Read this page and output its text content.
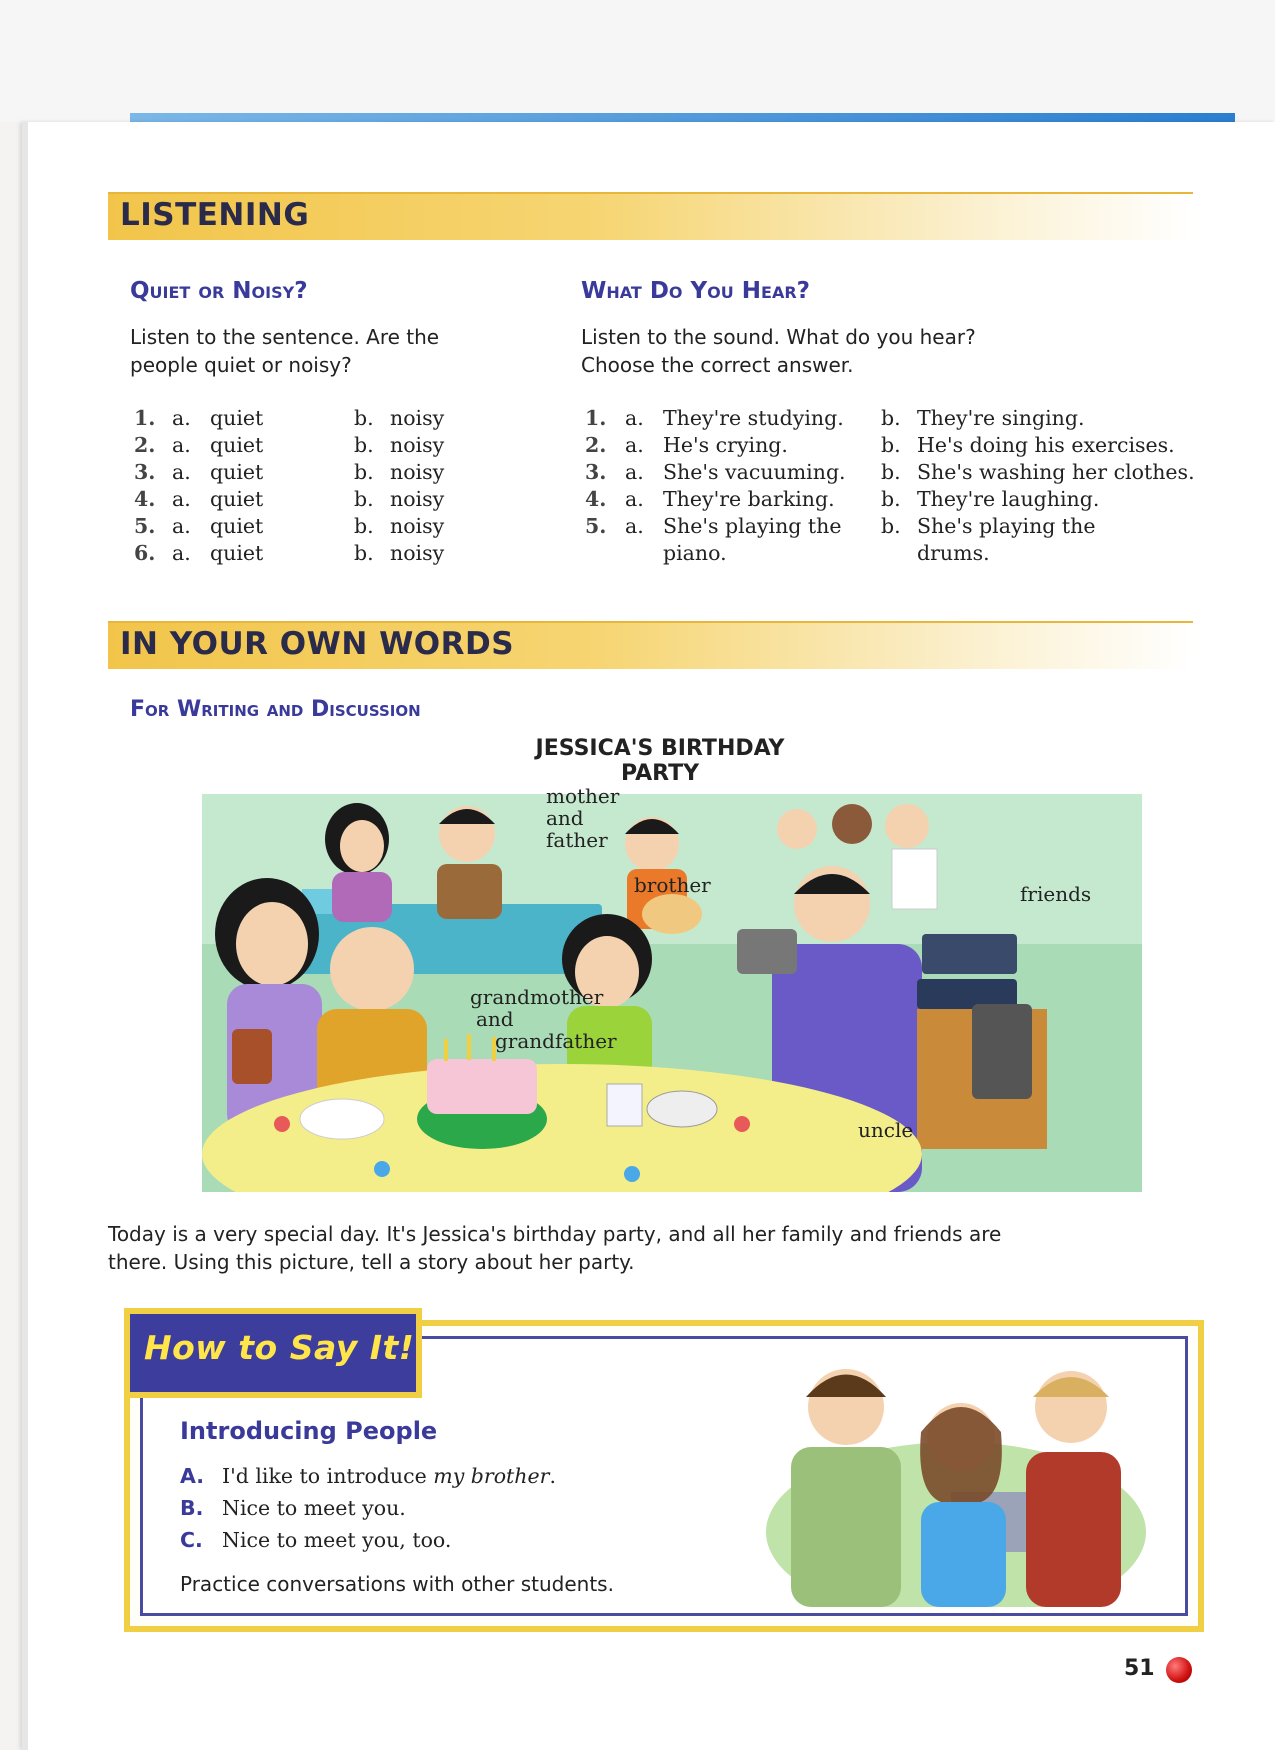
LISTENING
Quiet or Noisy?
Listen to the sentence. Are the
people quiet or noisy?
1. a. quiet	b. noisy
2. a. quiet	b. noisy
3. a. quiet	b. noisy
4. a. quiet	b. noisy
5. a. quiet	b. noisy
6. a. quiet	b. noisy
What Do You Hear?
Listen to the sound. What do you hear?
Choose the correct answer.
1. a. They're studying. b. They're singing.
2. a. He's crying.	b. He's doing his exercises.
3. a. She's vacuuming. b. She's washing her clothes.
4. a. They're barking. b. They're laughing.
5. a. She's playing the b. She's playing the
piano.	drums.
IN YOUR OWN WORDS
For Writing and Discussion
JESSICA'S BIRTHDAY PARTY
mother
and
father
brother	friends
grandmother
and
grandfather
uncle
Today is a very special day. It's Jessica's birthday party, and all her family and friends are
there. Using this picture, tell a story about her party.
How to Say It!
Introducing People
A. I'd like to introduce my brother.
B. Nice to meet you.
C. Nice to meet you, too.
Practice conversations with other students.
51
